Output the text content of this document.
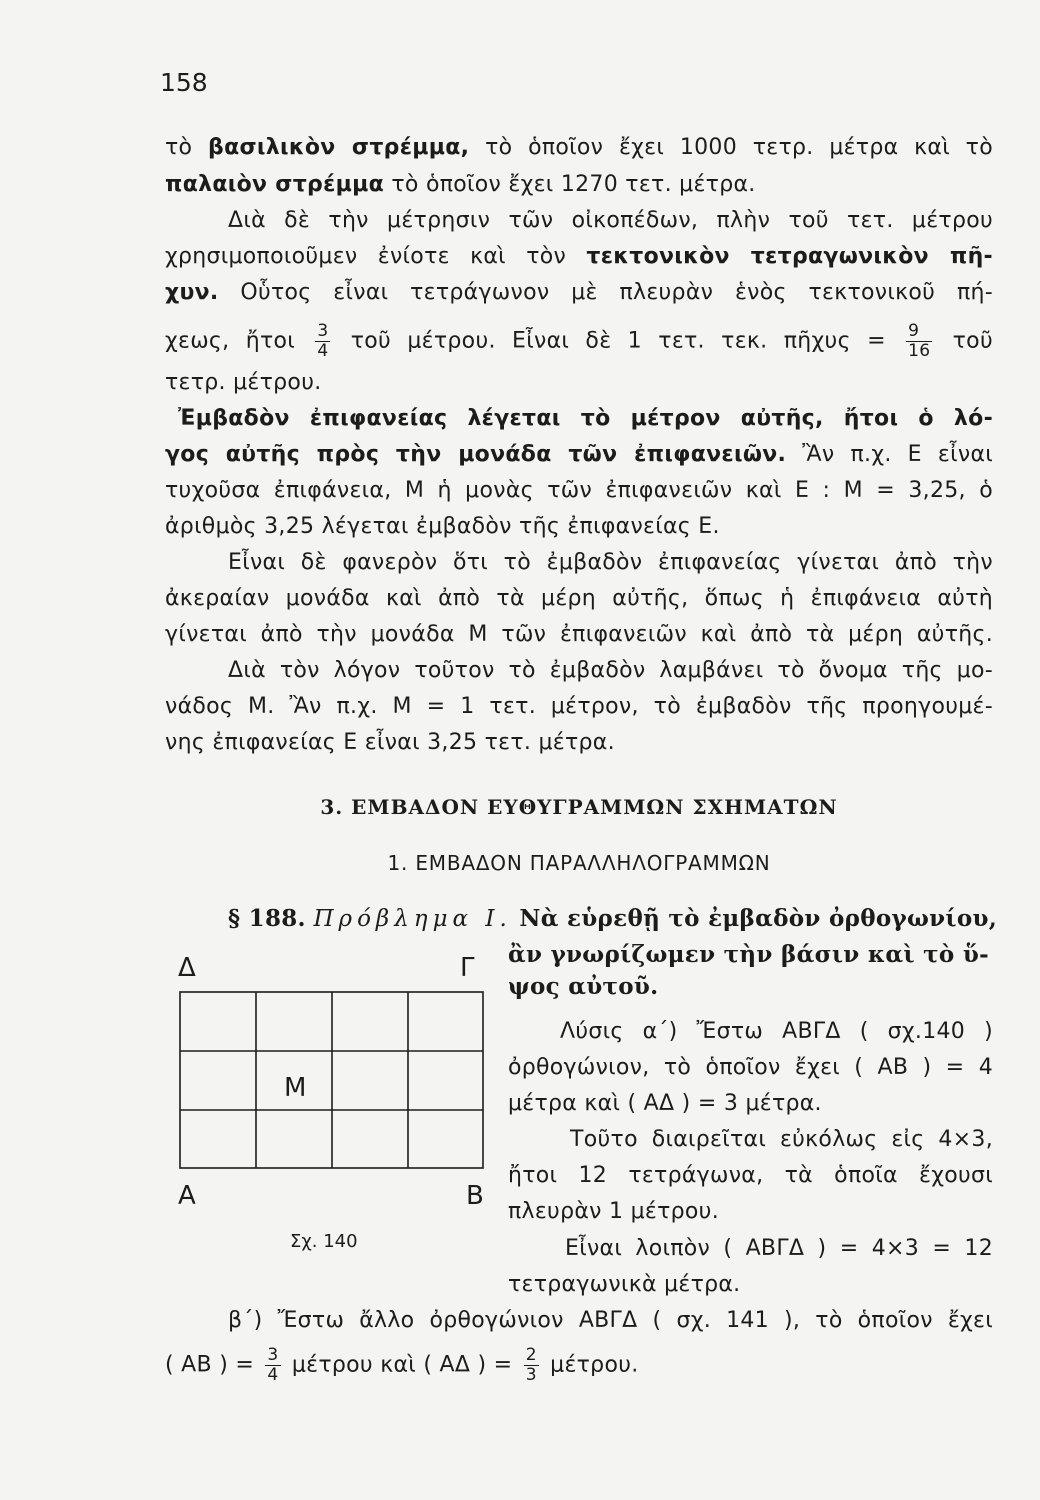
158
τὸ βασιλικὸν στρέμμα, τὸ ὁποῖον ἔχει 1000 τετρ. μέτρα καὶ τὸ
παλαιὸν στρέμμα τὸ ὁποῖον ἔχει 1270 τετ. μέτρα.
Διὰ δὲ τὴν μέτρησιν τῶν οἰκοπέδων, πλὴν τοῦ τετ. μέτρου
χρησιμοποιοῦμεν ἐνίοτε καὶ τὸν τεκτονικὸν τετραγωνικὸν πῆ-
χυν. Οὗτος εἶναι τετράγωνον μὲ πλευρὰν ἑνὸς τεκτονικοῦ πή-
χεως, ἤτοι $\frac{3}{4}$ τοῦ μέτρου. Εἶναι δὲ 1 τετ. τεκ. πῆχυς = $\frac{9}{16}$ τοῦ
τετρ. μέτρου.
Ἐμβαδὸν ἐπιφανείας λέγεται τὸ μέτρον αὐτῆς, ἤτοι ὁ λό-
γος αὐτῆς πρὸς τὴν μονάδα τῶν ἐπιφανειῶν. Ἂν π.χ. Ε εἶναι
τυχοῦσα ἐπιφάνεια, Μ ἡ μονὰς τῶν ἐπιφανειῶν καὶ Ε : Μ = 3,25, ὁ
ἀριθμὸς 3,25 λέγεται ἐμβαδὸν τῆς ἐπιφανείας Ε.
Εἶναι δὲ φανερὸν ὅτι τὸ ἐμβαδὸν ἐπιφανείας γίνεται ἀπὸ τὴν
ἀκεραίαν μονάδα καὶ ἀπὸ τὰ μέρη αὐτῆς, ὅπως ἡ ἐπιφάνεια αὐτὴ
γίνεται ἀπὸ τὴν μονάδα Μ τῶν ἐπιφανειῶν καὶ ἀπὸ τὰ μέρη αὐτῆς.
Διὰ τὸν λόγον τοῦτον τὸ ἐμβαδὸν λαμβάνει τὸ ὄνομα τῆς μο-
νάδος Μ. Ἂν π.χ. Μ = 1 τετ. μέτρον, τὸ ἐμβαδὸν τῆς προηγουμέ-
νης ἐπιφανείας Ε εἶναι 3,25 τετ. μέτρα.
3. ΕΜΒΑΔΟΝ ΕΥΘΥΓΡΑΜΜΩΝ ΣΧΗΜΑΤΩΝ
1. ΕΜΒΑΔΟΝ ΠΑΡΑΛΛΗΛΟΓΡΑΜΜΩΝ
§ 188. Πρόβλημα Ι. Νὰ εὑρεθῇ τὸ ἐμβαδὸν ὀρθογωνίου,
ἂν γνωρίζωμεν τὴν βάσιν καὶ τὸ ὕ-
ψος αὐτοῦ.
Δ	Γ
Μ
Α	Β
Σχ. 140
Λύσις α΄) Ἔστω ΑΒΓΔ ( σχ.140 )
ὀρθογώνιον, τὸ ὁποῖον ἔχει ( ΑΒ ) = 4
μέτρα καὶ ( ΑΔ ) = 3 μέτρα.
Τοῦτο διαιρεῖται εὐκόλως εἰς 4×3,
ἤτοι 12 τετράγωνα, τὰ ὁποῖα ἔχουσι
πλευρὰν 1 μέτρου.
Εἶναι λοιπὸν ( ΑΒΓΔ ) = 4×3 = 12
τετραγωνικὰ μέτρα.
β΄) Ἔστω ἄλλο ὀρθογώνιον ΑΒΓΔ ( σχ. 141 ), τὸ ὁποῖον ἔχει
( ΑΒ ) = $\frac{3}{4}$ μέτρου καὶ ( ΑΔ ) = $\frac{2}{3} \mu έ\tau\rho o\upsilon$.
